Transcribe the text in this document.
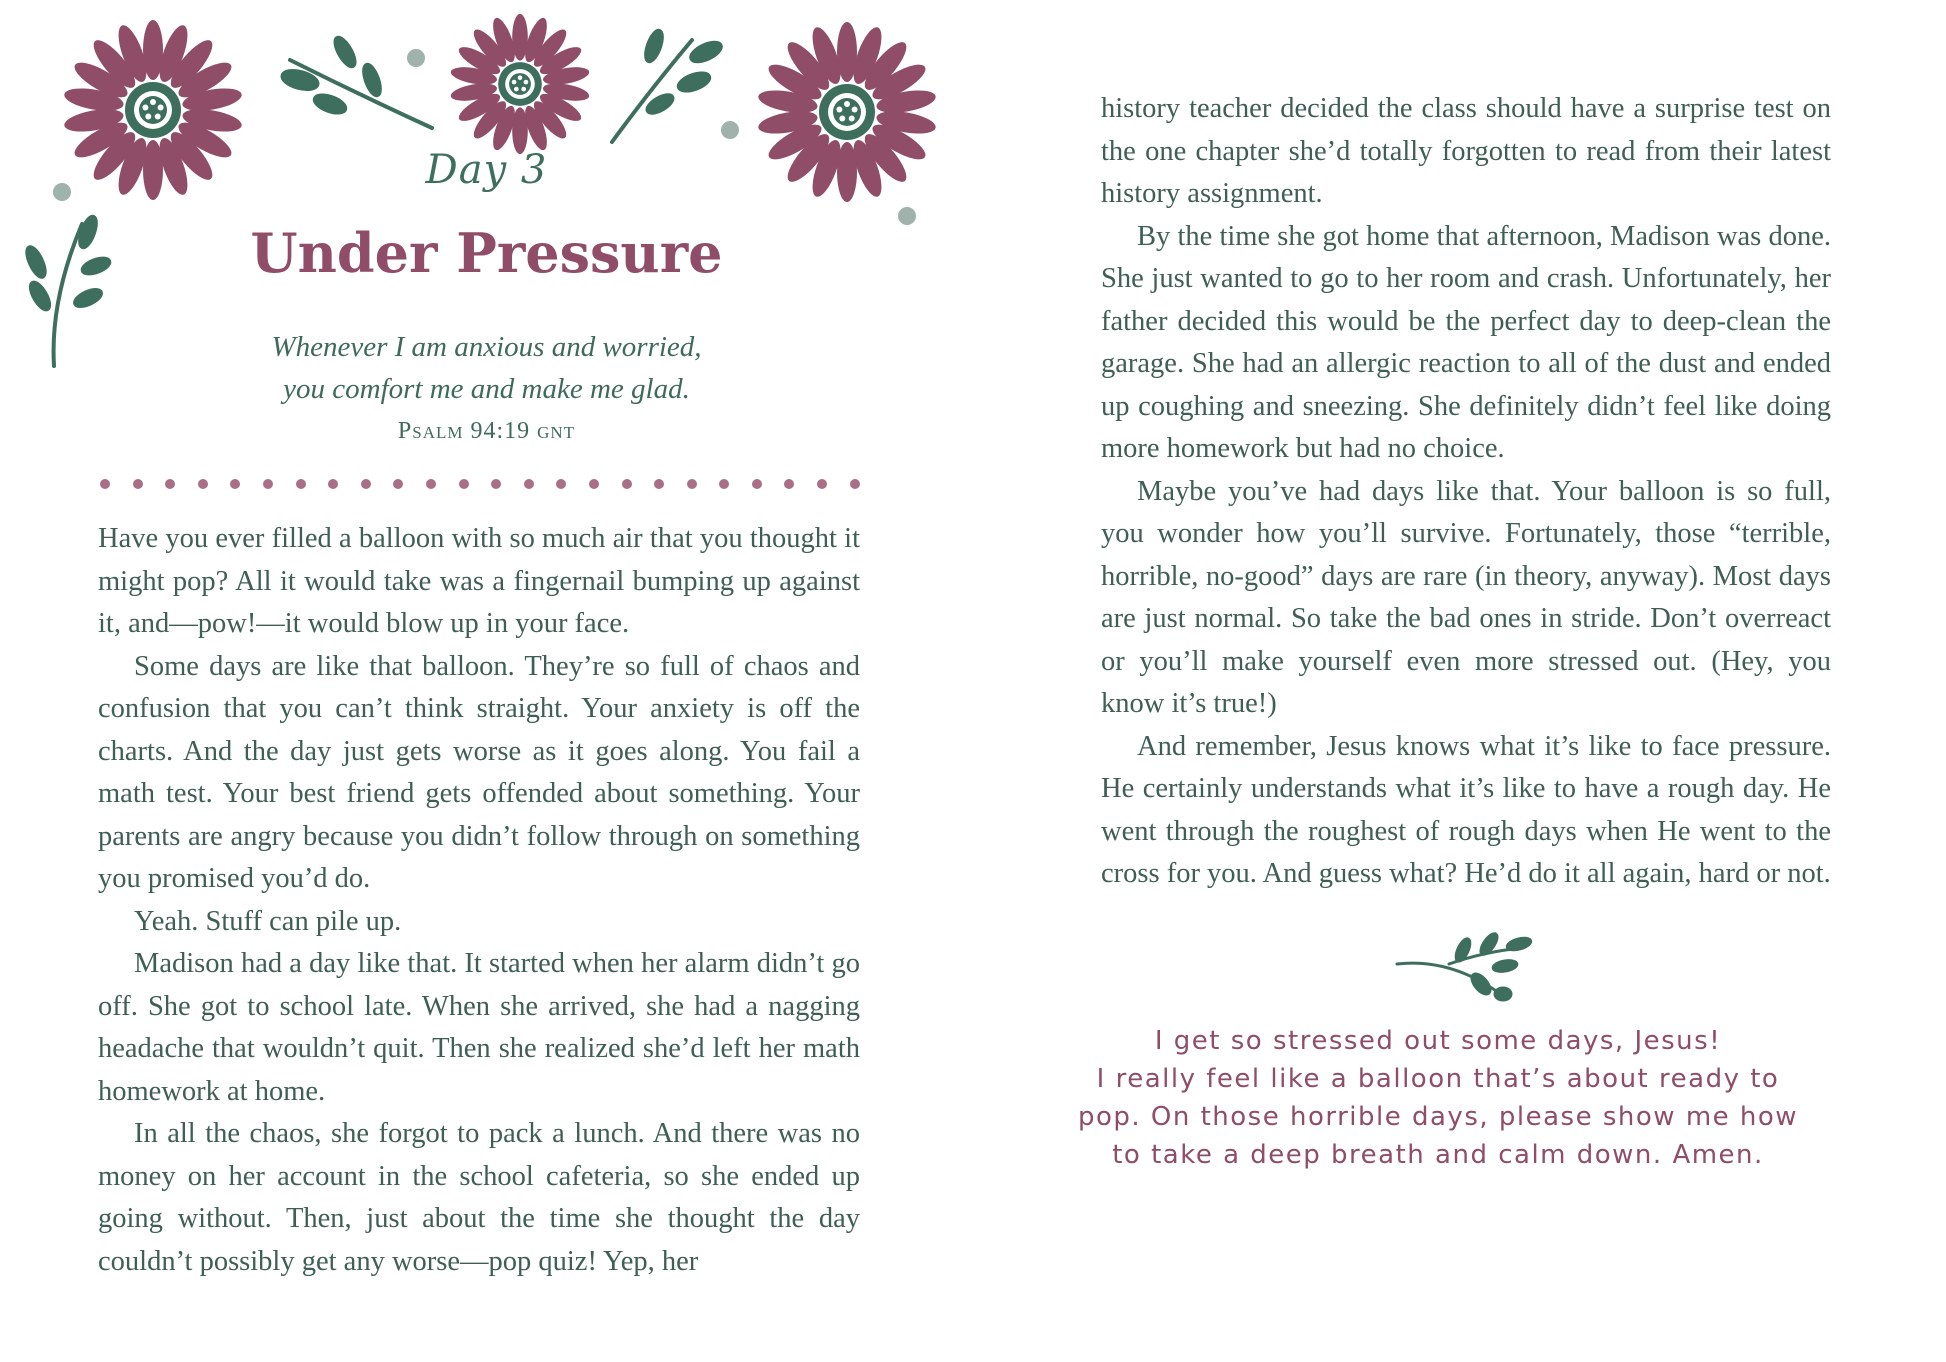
Day 3
Under Pressure
Whenever I am anxious and worried,
you comfort me and make me glad.
Psalm 94:19 gnt

Have you ever filled a balloon with so much air that you thought it might pop? All it would take was a fingernail bumping up against it, and—pow!—it would blow up in your face.

Some days are like that balloon. They’re so full of chaos and confusion that you can’t think straight. Your anxiety is off the charts. And the day just gets worse as it goes along. You fail a math test. Your best friend gets offended about something. Your parents are angry because you didn’t follow through on something you promised you’d do.

Yeah. Stuff can pile up.

Madison had a day like that. It started when her alarm didn’t go off. She got to school late. When she arrived, she had a nagging headache that wouldn’t quit. Then she realized she’d left her math homework at home.

In all the chaos, she forgot to pack a lunch. And there was no money on her account in the school cafeteria, so she ended up going without. Then, just about the time she thought the day couldn’t possibly get any worse—pop quiz! Yep, her

history teacher decided the class should have a surprise test on the one chapter she’d totally forgotten to read from their latest history assignment.

By the time she got home that afternoon, Madison was done. She just wanted to go to her room and crash. Unfortunately, her father decided this would be the perfect day to deep-clean the garage. She had an allergic reaction to all of the dust and ended up coughing and sneezing. She definitely didn’t feel like doing more homework but had no choice.

Maybe you’ve had days like that. Your balloon is so full, you wonder how you’ll survive. Fortunately, those “terrible, horrible, no-good” days are rare (in theory, anyway). Most days are just normal. So take the bad ones in stride. Don’t overreact or you’ll make yourself even more stressed out. (Hey, you know it’s true!)

And remember, Jesus knows what it’s like to face pressure. He certainly understands what it’s like to have a rough day. He went through the roughest of rough days when He went to the cross for you. And guess what? He’d do it all again, hard or not.

I get so stressed out some days, Jesus!
I really feel like a balloon that’s about ready to
pop. On those horrible days, please show me how
to take a deep breath and calm down. Amen.
